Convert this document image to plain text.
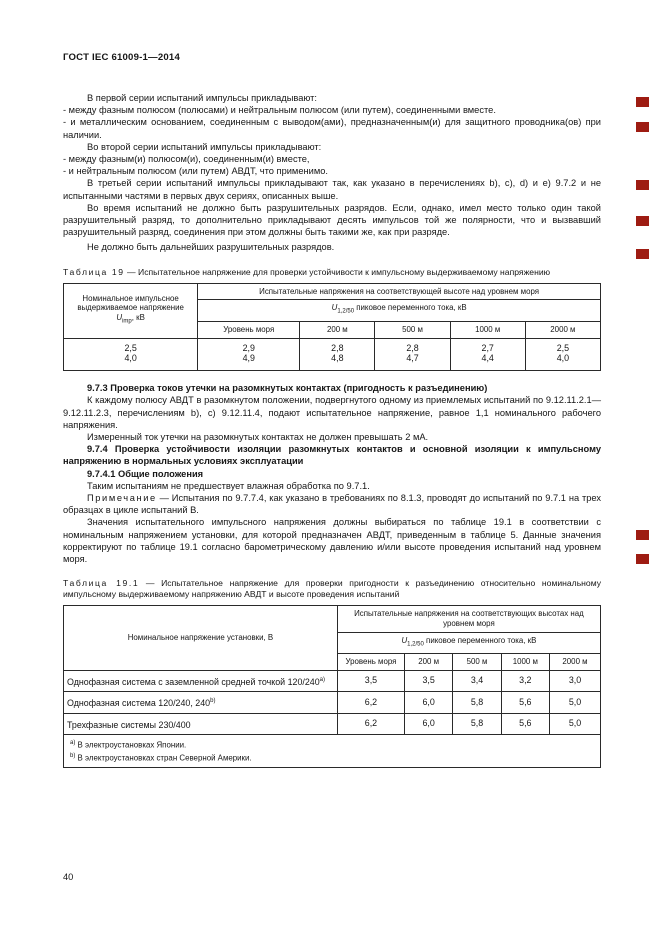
ГОСТ IEC 61009-1—2014

В первой серии испытаний импульсы прикладывают:

- между фазным полюсом (полюсами) и нейтральным полюсом (или путем), соединенными вместе.

- и металлическим основанием, соединенным с выводом(ами), предназначенным(и) для защитного проводника(ов) при наличии.

Во второй серии испытаний импульсы прикладывают:

- между фазным(и) полюсом(и), соединенным(и) вместе,

- и нейтральным полюсом (или путем) АВДТ, что применимо.

В третьей серии испытаний импульсы прикладывают так, как указано в перечислениях b), c), d) и e) 9.7.2 и не испытанными частями в первых двух сериях, описанных выше.

Во время испытаний не должно быть разрушительных разрядов. Если, однако, имел место только один такой разрушительный разряд, то дополнительно прикладывают десять импульсов той же полярности, что и вызвавший разрушительный разряд, соединения при этом должны быть такими же, как при разряде.

Не должно быть дальнейших разрушительных разрядов.

Таблица 19 — Испытательное напряжение для проверки устойчивости к импульсному выдерживаемому напряжению

Номинальное импульсное выдерживаемое напряжение
$U_{imp}$, кВ	Испытательные напряжения на соответствующей высоте над уровнем моря				
	$U_{1,2/50}$ пиковое переменного тока, кВ				
	Уровень моря	200 м	500 м	1000 м	2000 м
2,5	2,9	2,8	2,8	2,7	2,5
4,0	4,9	4,8	4,7	4,4	4,0

9.7.3 Проверка токов утечки на разомкнутых контактах (пригодность к разъединению)

К каждому полюсу АВДТ в разомкнутом положении, подвергнутого одному из приемлемых испытаний по 9.12.11.2.1—9.12.11.2.3, перечислениям b), c) 9.12.11.4, подают испытательное напряжение, равное 1,1 номинального рабочего напряжения.

Измеренный ток утечки на разомкнутых контактах не должен превышать 2 мА.

9.7.4 Проверка устойчивости изоляции разомкнутых контактов и основной изоляции к импульсному напряжению в нормальных условиях эксплуатации

9.7.4.1 Общие положения

Таким испытаниям не предшествует влажная обработка по 9.7.1.

Примечание — Испытания по 9.7.7.4, как указано в требованиях по 8.1.3, проводят до испытаний по 9.7.1 на трех образцах в цикле испытаний В.

Значения испытательного импульсного напряжения должны выбираться по таблице 19.1 в соответствии с номинальным напряжением установки, для которой предназначен АВДТ, приведенным в таблице 5. Данные значения корректируют по таблице 19.1 согласно барометрическому давлению и/или высоте проведения испытаний над уровнем моря.

Таблица 19.1 — Испытательное напряжение для проверки пригодности к разъединению относительно номинальному импульсному выдерживаемому напряжению АВДТ и высоте проведения испытаний

Номинальное напряжение установки, В	Испытательные напряжения на соответствующих высотах над уровнем моря				
	$U_{1,2/50}$ пиковое переменного тока, кВ				
	Уровень моря	200 м	500 м	1000 м	2000 м
Однофазная система с заземленной средней точкой 120/240$^{a)}$	3,5	3,5	3,4	3,2	3,0
Однофазная система 120/240, 240$^{b)}$	6,2	6,0	5,8	5,6	5,0
Трехфазные системы 230/400	6,2	6,0	5,8	5,6	5,0

$^{a)}$ В электроустановках Японии.
$^{b)}$ В электроустановках стран Северной Америки.					
40
